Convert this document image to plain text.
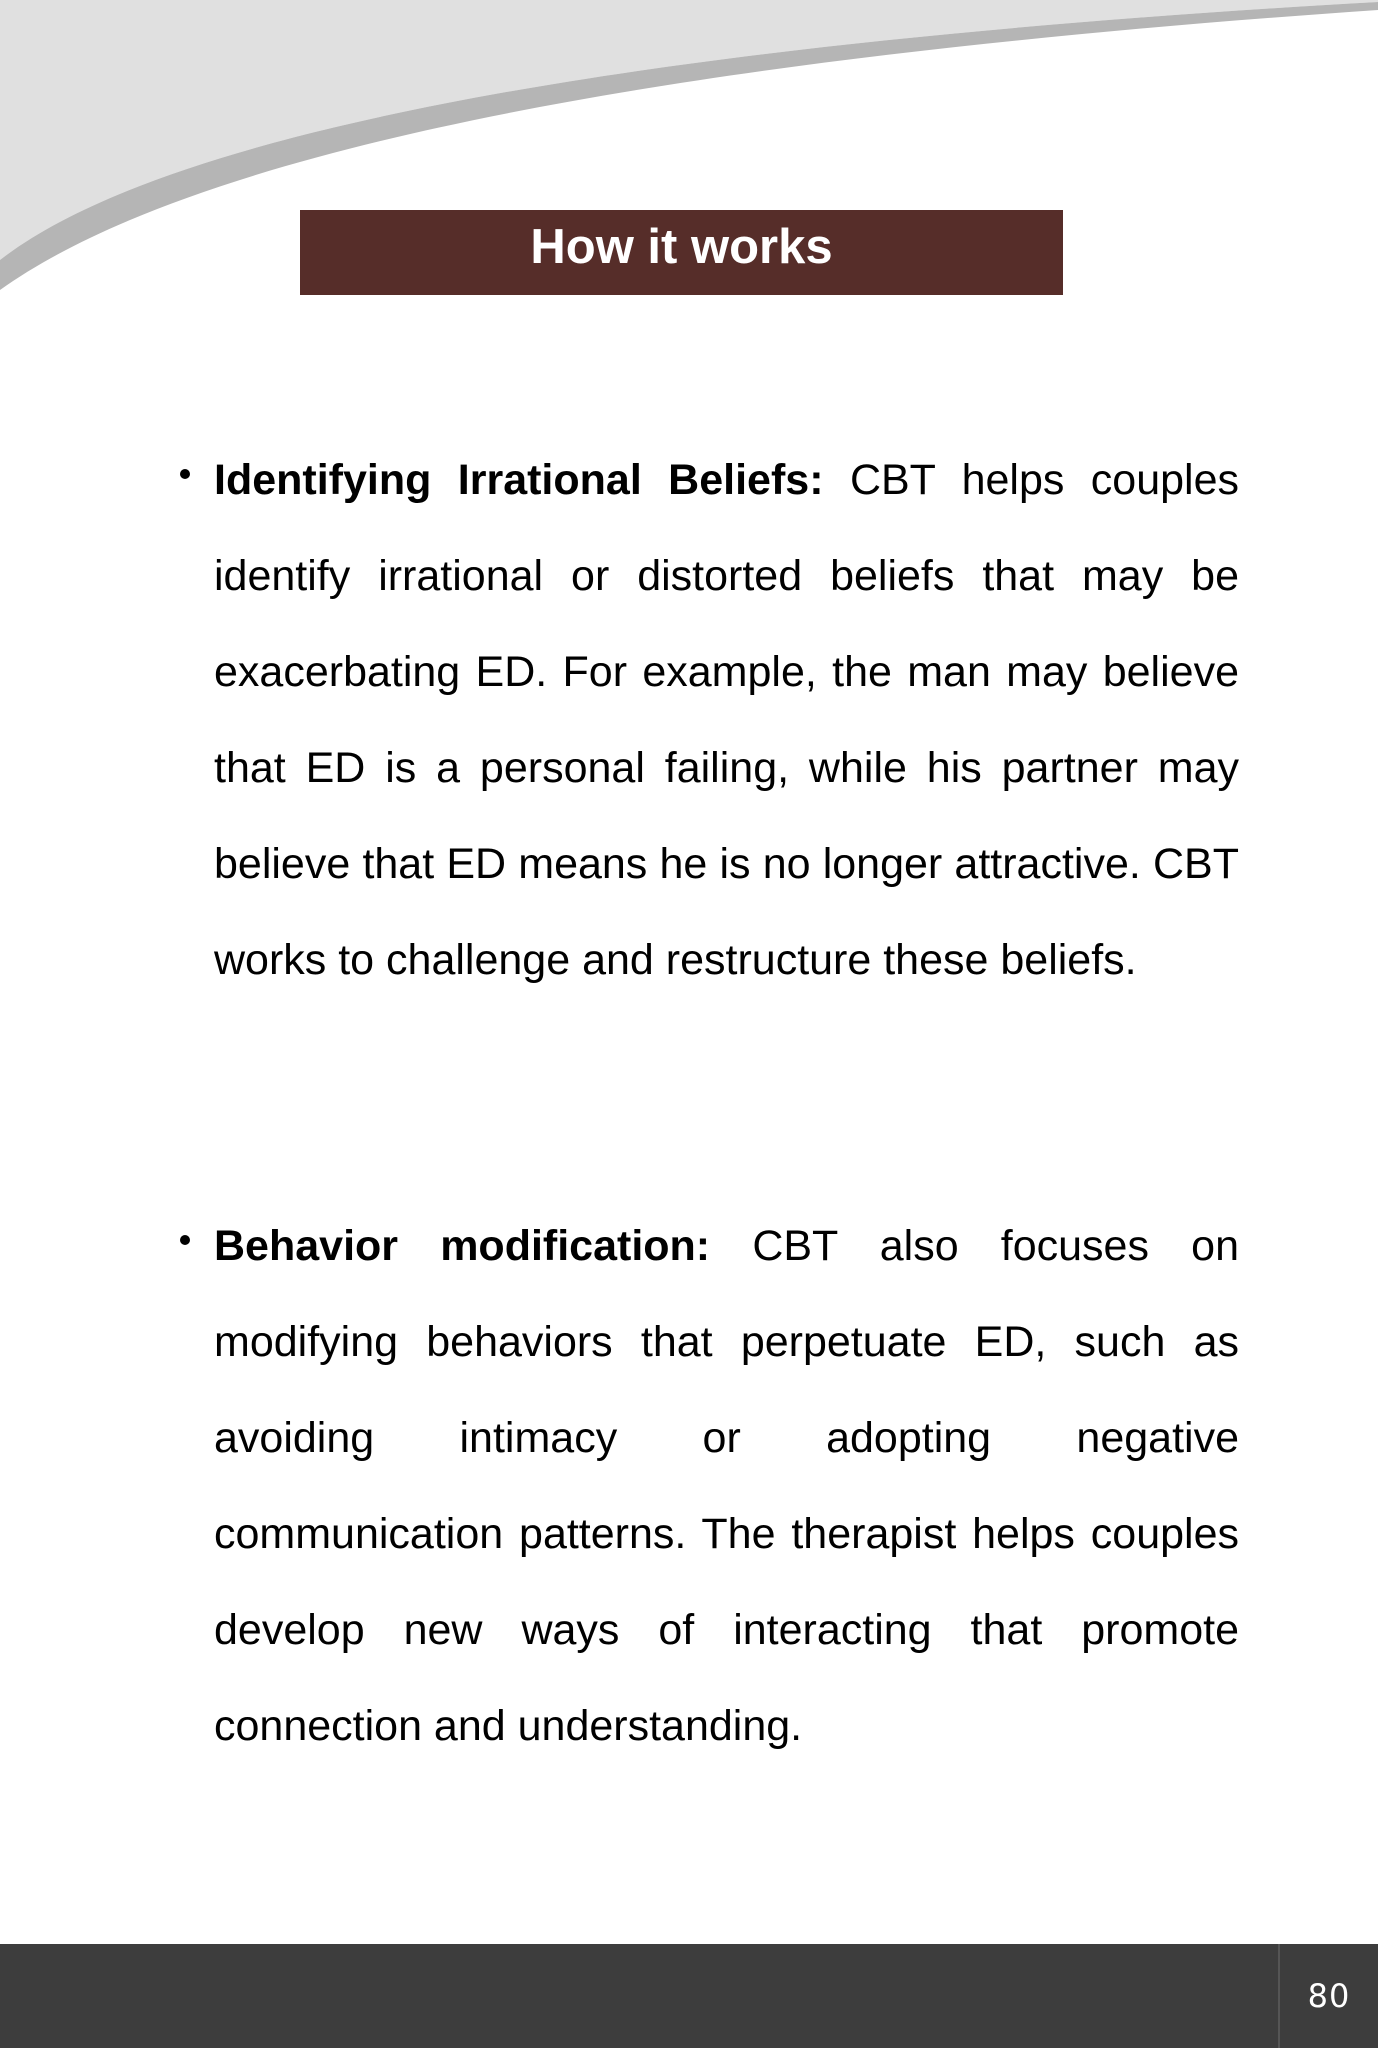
How it works

Identifying Irrational Beliefs: CBT helps couples identify irrational or distorted beliefs that may be exacerbating ED. For example, the man may believe that ED is a personal failing, while his partner may believe that ED means he is no longer attractive. CBT works to challenge and restructure these beliefs.

Behavior modification: CBT also focuses on modifying behaviors that perpetuate ED, such as avoiding intimacy or adopting negative communication patterns. The therapist helps couples develop new ways of interacting that promote connection and understanding.

80
